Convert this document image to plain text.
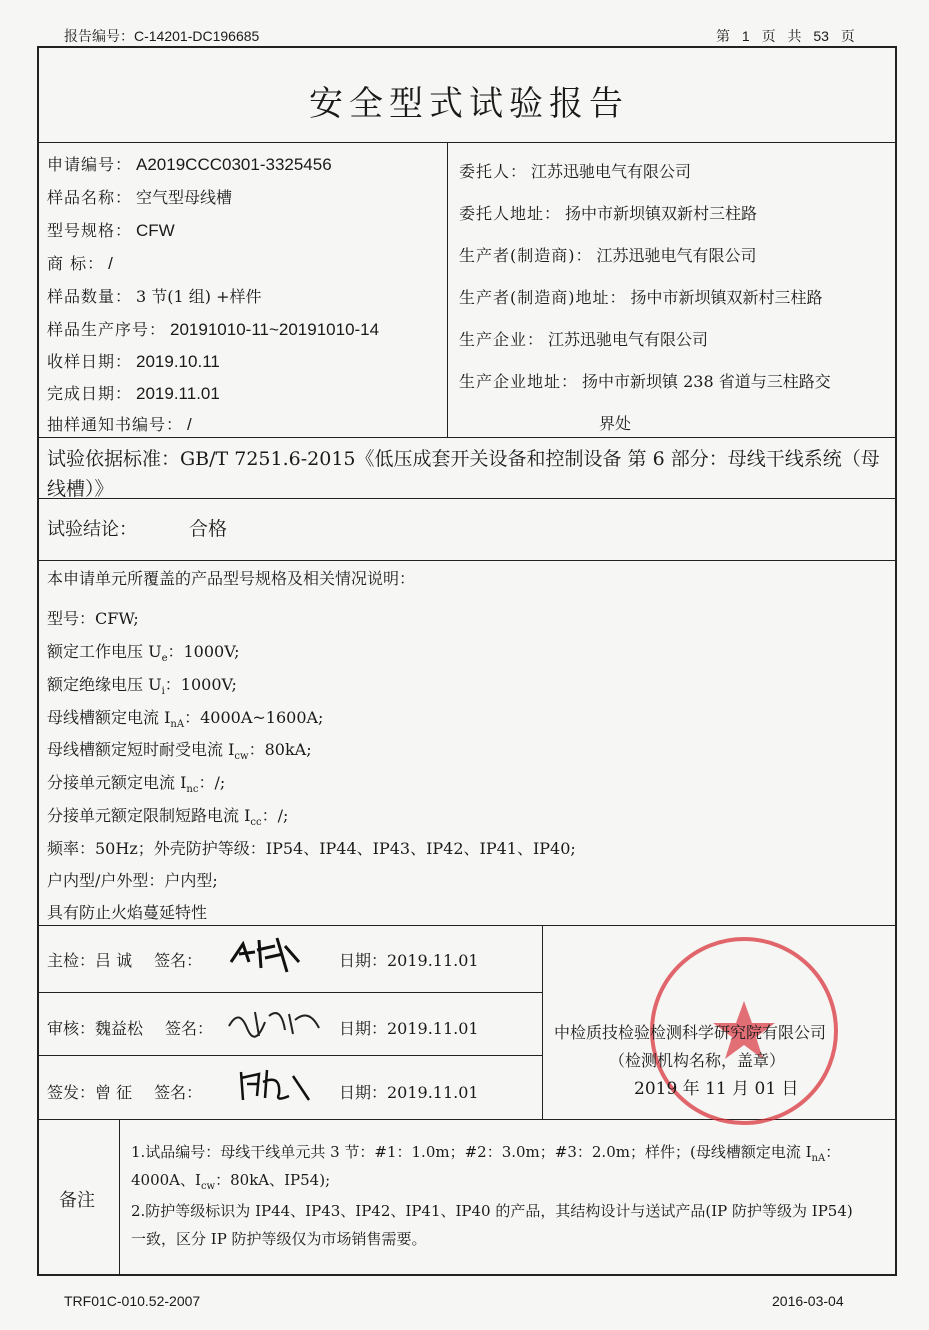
报告编号：C-14201-DC196685	第 1 页 共 53 页
安全型式试验报告
申请编号： A2019CCC0301-3325456
样品名称： 空气型母线槽
型号规格： CFW
商 标： /
样品数量： 3 节(1 组) +样件
样品生产序号： 20191010-11~20191010-14
收样日期： 2019.10.11
完成日期： 2019.11.01
抽样通知书编号： /
委托人： 江苏迅驰电气有限公司
委托人地址： 扬中市新坝镇双新村三柱路
生产者(制造商)： 江苏迅驰电气有限公司
生产者(制造商)地址： 扬中市新坝镇双新村三柱路
生产企业： 江苏迅驰电气有限公司
生产企业地址： 扬中市新坝镇 238 省道与三柱路交
界处
试验依据标准：GB/T 7251.6-2015《低压成套开关设备和控制设备 第 6 部分：母线干线系统（母线槽）》
试验结论：	合格
本申请单元所覆盖的产品型号规格及相关情况说明：
型号：CFW;
额定工作电压 $U_e$：1000V;
额定绝缘电压 $U_i$：1000V;
母线槽额定电流 $I_{nA}$：4000A~1600A;
母线槽额定短时耐受电流 $I_{cw}$：80kA;
分接单元额定电流 $I_{nc}$：/;
分接单元额定限制短路电流 $I_{cc}$：/;
频率：50Hz；外壳防护等级：IP54、IP44、IP43、IP42、IP41、IP40;
户内型/户外型：户内型;
具有防止火焰蔓延特性
主检：吕 诚 签名：	日期：2019.11.01
审核：魏益松 签名：	日期：2019.11.01
签发：曾 征 签名：	日期：2019.11.01
中检质技检验检测科学研究院有限公司
（检测机构名称，盖章）
2019 年 11 月 01 日
备注
1.试品编号：母线干线单元共 3 节：#1：1.0m；#2：3.0m；#3：2.0m；样件；(母线槽额定电流 $I_{nA}$：
4000A、$I_{cw}$：80kA、IP54);
2.防护等级标识为 IP44、IP43、IP42、IP41、IP40 的产品，其结构设计与送试产品(IP 防护等级为 IP54)
一致，区分 IP 防护等级仅为市场销售需要。
TRF01C-010.52-2007	2016-03-04
